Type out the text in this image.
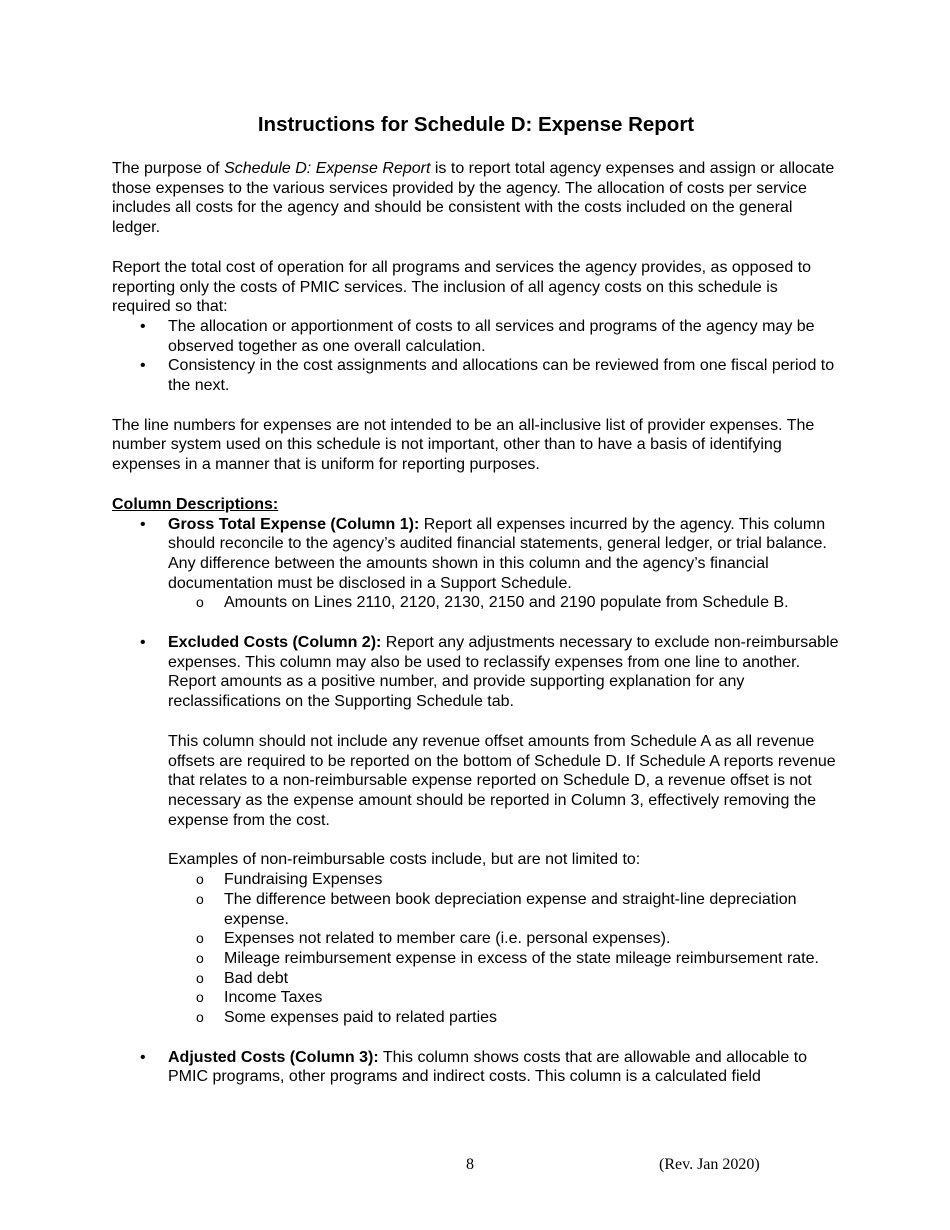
Instructions for Schedule D: Expense Report

The purpose of Schedule D: Expense Report is to report total agency expenses and assign or allocate those expenses to the various services provided by the agency. The allocation of costs per service includes all costs for the agency and should be consistent with the costs included on the general ledger.

Report the total cost of operation for all programs and services the agency provides, as opposed to reporting only the costs of PMIC services. The inclusion of all agency costs on this schedule is required so that:

• The allocation or apportionment of costs to all services and programs of the agency may be observed together as one overall calculation.
• Consistency in the cost assignments and allocations can be reviewed from one fiscal period to the next.

The line numbers for expenses are not intended to be an all-inclusive list of provider expenses. The number system used on this schedule is not important, other than to have a basis of identifying expenses in a manner that is uniform for reporting purposes.

Column Descriptions:

• Gross Total Expense (Column 1): Report all expenses incurred by the agency. This column should reconcile to the agency’s audited financial statements, general ledger, or trial balance. Any difference between the amounts shown in this column and the agency’s financial documentation must be disclosed in a Support Schedule.
o Amounts on Lines 2110, 2120, 2130, 2150 and 2190 populate from Schedule B.
• Excluded Costs (Column 2): Report any adjustments necessary to exclude non-reimbursable expenses. This column may also be used to reclassify expenses from one line to another. Report amounts as a positive number, and provide supporting explanation for any reclassifications on the Supporting Schedule tab.

This column should not include any revenue offset amounts from Schedule A as all revenue offsets are required to be reported on the bottom of Schedule D. If Schedule A reports revenue that relates to a non-reimbursable expense reported on Schedule D, a revenue offset is not necessary as the expense amount should be reported in Column 3, effectively removing the expense from the cost.

Examples of non-reimbursable costs include, but are not limited to:

o Fundraising Expenses
o The difference between book depreciation expense and straight-line depreciation expense.
o Expenses not related to member care (i.e. personal expenses).
o Mileage reimbursement expense in excess of the state mileage reimbursement rate.
o Bad debt
o Income Taxes
o Some expenses paid to related parties
• Adjusted Costs (Column 3): This column shows costs that are allowable and allocable to PMIC programs, other programs and indirect costs. This column is a calculated field
8	(Rev. Jan 2020)
